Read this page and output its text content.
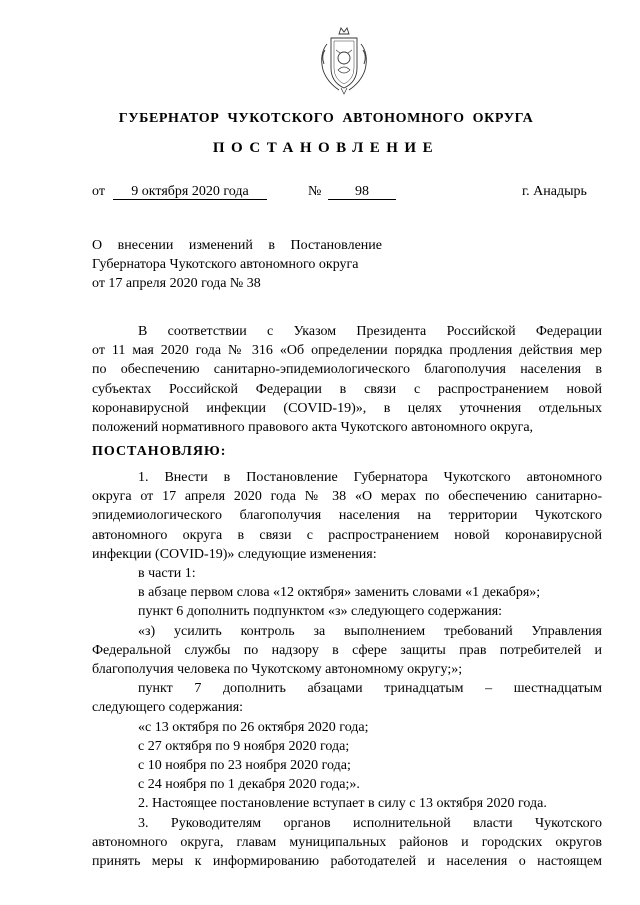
ГУБЕРНАТОР ЧУКОТСКОГО АВТОНОМНОГО ОКРУГА
ПОСТАНОВЛЕНИЕ
от	9 октября 2020 года	№	98	г. Анадырь
О внесении изменений в Постановление
Губернатора Чукотского автономного округа
от 17 апреля 2020 года № 38
В соответствии с Указом Президента Российской Федерации
от 11 мая 2020 года № 316 «Об определении порядка продления действия мер
по обеспечению санитарно-эпидемиологического благополучия населения в
субъектах Российской Федерации в связи с распространением новой
коронавирусной инфекции (COVID-19)», в целях уточнения отдельных
положений нормативного правового акта Чукотского автономного округа,
ПОСТАНОВЛЯЮ:
1. Внести в Постановление Губернатора Чукотского автономного
округа от 17 апреля 2020 года № 38 «О мерах по обеспечению санитарно-
эпидемиологического благополучия населения на территории Чукотского
автономного округа в связи с распространением новой коронавирусной
инфекции (COVID-19)» следующие изменения:
в части 1:
в абзаце первом слова «12 октября» заменить словами «1 декабря»;
пункт 6 дополнить подпунктом «з» следующего содержания:
«з) усилить контроль за выполнением требований Управления
Федеральной службы по надзору в сфере защиты прав потребителей и
благополучия человека по Чукотскому автономному округу;»;
пункт 7 дополнить абзацами тринадцатым – шестнадцатым
следующего содержания:
«с 13 октября по 26 октября 2020 года;
с 27 октября по 9 ноября 2020 года;
с 10 ноября по 23 ноября 2020 года;
с 24 ноября по 1 декабря 2020 года;».
2. Настоящее постановление вступает в силу с 13 октября 2020 года.
3. Руководителям органов исполнительной власти Чукотского
автономного округа, главам муниципальных районов и городских округов
принять меры к информированию работодателей и населения о настоящем
